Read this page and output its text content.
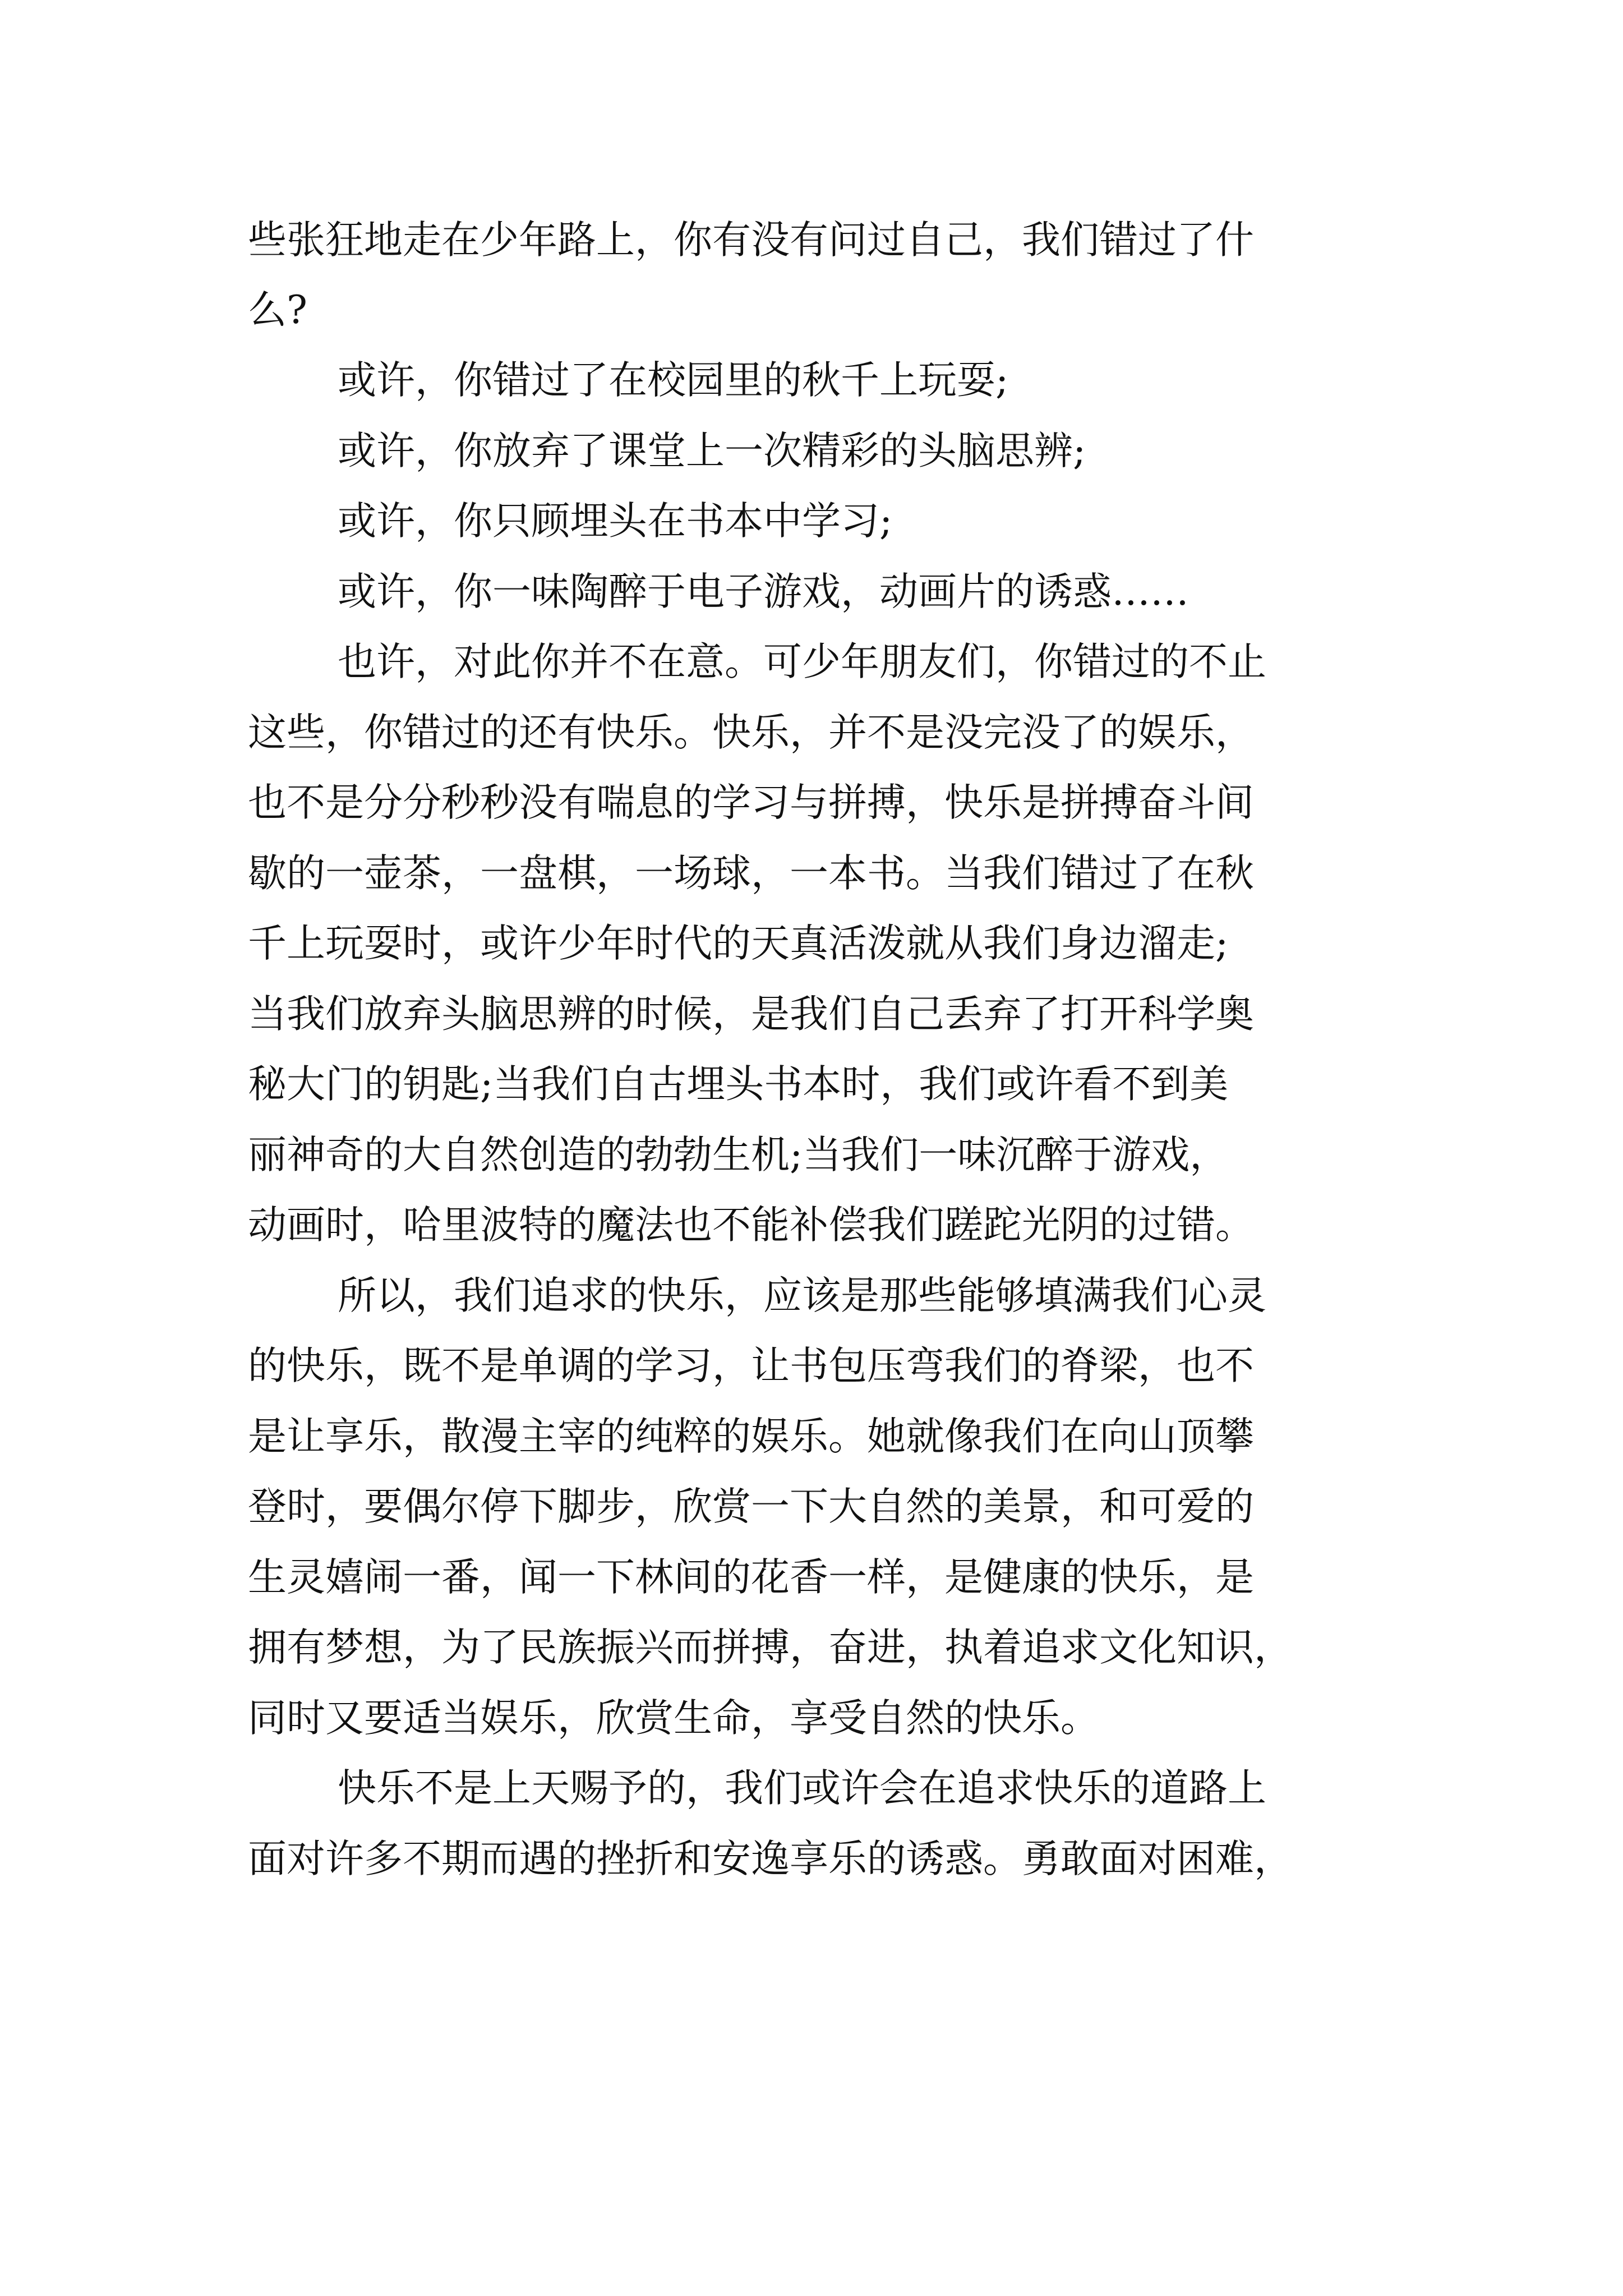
些张狂地走在少年路上，你有没有问过自己，我们错过了什
么?
或许，你错过了在校园里的秋千上玩耍;
或许，你放弃了课堂上一次精彩的头脑思辨;
或许，你只顾埋头在书本中学习;
或许，你一味陶醉于电子游戏，动画片的诱惑……
也许，对此你并不在意。可少年朋友们，你错过的不止
这些，你错过的还有快乐。快乐，并不是没完没了的娱乐，
也不是分分秒秒没有喘息的学习与拼搏，快乐是拼搏奋斗间
歇的一壶茶，一盘棋，一场球，一本书。当我们错过了在秋
千上玩耍时，或许少年时代的天真活泼就从我们身边溜走;
当我们放弃头脑思辨的时候，是我们自己丢弃了打开科学奥
秘大门的钥匙;当我们自古埋头书本时，我们或许看不到美
丽神奇的大自然创造的勃勃生机;当我们一味沉醉于游戏，
动画时，哈里波特的魔法也不能补偿我们蹉跎光阴的过错。
所以，我们追求的快乐，应该是那些能够填满我们心灵
的快乐，既不是单调的学习，让书包压弯我们的脊梁，也不
是让享乐，散漫主宰的纯粹的娱乐。她就像我们在向山顶攀
登时，要偶尔停下脚步，欣赏一下大自然的美景，和可爱的
生灵嬉闹一番，闻一下林间的花香一样，是健康的快乐，是
拥有梦想，为了民族振兴而拼搏，奋进，执着追求文化知识，
同时又要适当娱乐，欣赏生命，享受自然的快乐。
快乐不是上天赐予的，我们或许会在追求快乐的道路上
面对许多不期而遇的挫折和安逸享乐的诱惑。勇敢面对困难，
